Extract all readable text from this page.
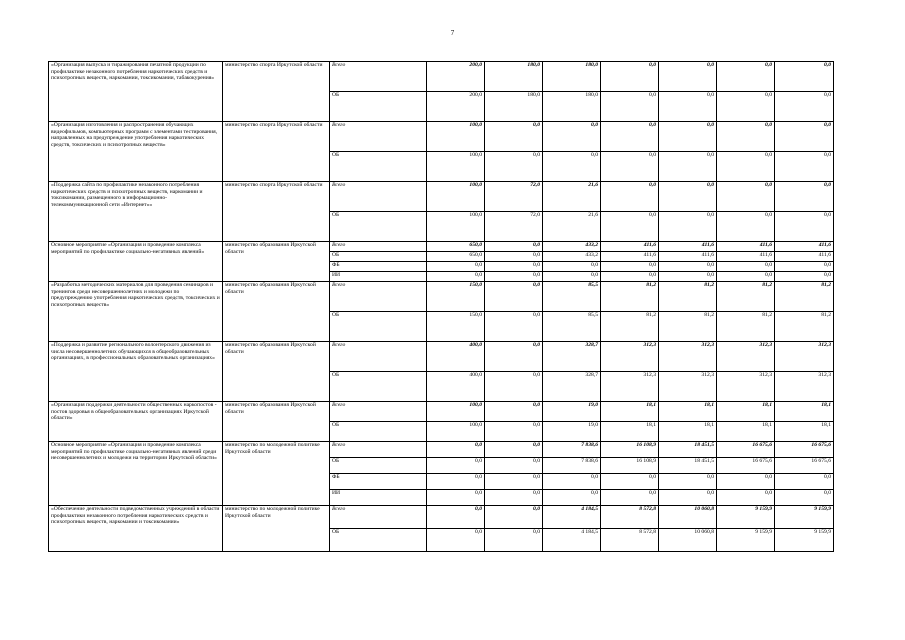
7
«Организация выпуска и тиражирования печатной продукции по профилактике незаконного потребления наркотических средств и психотропных веществ, наркомании, токсикомании, табакокурения»	министерство спорта Иркутской области	Всего	200,0	180,0	180,0	0,0	0,0	0,0	0,0
		ОБ	200,0	180,0	180,0	0,0	0,0	0,0	0,0
«Организация изготовления и распространения обучающих видеофильмов, компьютерных программ с элементами тестирования, направленных на предупреждение употребления наркотических средств, токсических и психотропных веществ»	министерство спорта Иркутской области	Всего	100,0	0,0	0,0	0,0	0,0	0,0	0,0
		ОБ	100,0	0,0	0,0	0,0	0,0	0,0	0,0
«Поддержка сайта по профилактике незаконного потребления наркотических средств и психотропных веществ, наркомании и токсикомании, размещенного в информационно-телекоммуникационной сети «Интернет»»	министерство спорта Иркутской области	Всего	100,0	72,0	21,6	0,0	0,0	0,0	0,0
		ОБ	100,0	72,0	21,6	0,0	0,0	0,0	0,0
Основное мероприятие «Организация и проведение комплекса мероприятий по профилактике социально-негативных явлений»	министерство образования Иркутской области	Всего	650,0	0,0	433,2	411,6	411,6	411,6	411,6
		ОБ	650,0	0,0	433,2	411,6	411,6	411,6	411,6
		ФБ	0,0	0,0	0,0	0,0	0,0	0,0	0,0
		ИИ	0,0	0,0	0,0	0,0	0,0	0,0	0,0
«Разработка методических материалов для проведения семинаров и тренингов среди несовершеннолетних и молодежи по предупреждению употребления наркотических средств, токсических и психотропных веществ»	министерство образования Иркутской области	Всего	150,0	0,0	85,5	81,2	81,2	81,2	81,2
		ОБ	150,0	0,0	85,5	81,2	81,2	81,2	81,2
«Поддержка и развитие регионального волонтерского движения из числа несовершеннолетних обучающихся в общеобразовательных организациях, в профессиональных образовательных организациях»	министерство образования Иркутской области	Всего	400,0	0,0	328,7	312,3	312,3	312,3	312,3
		ОБ	400,0	0,0	328,7	312,3	312,3	312,3	312,3
«Организация поддержки деятельности общественных наркопостов - постов здоровья в общеобразовательных организациях Иркутской области»	министерство образования Иркутской области	Всего	100,0	0,0	19,0	18,1	18,1	18,1	18,1
		ОБ	100,0	0,0	19,0	18,1	18,1	18,1	18,1
Основное мероприятие «Организация и проведение комплекса мероприятий по профилактике социально-негативных явлений среди несовершеннолетних и молодежи на территории Иркутской области»	министерство по молодежной политике Иркутской области	Всего	0,0	0,0	7 838,6	16 108,9	18 451,5	16 675,6	16 675,6
		ОБ	0,0	0,0	7 838,6	16 108,9	18 451,5	16 675,6	16 675,6
		ФБ	0,0	0,0	0,0	0,0	0,0	0,0	0,0
		ИИ	0,0	0,0	0,0	0,0	0,0	0,0	0,0
«Обеспечение деятельности подведомственных учреждений в области профилактики незаконного потребления наркотических средств и психотропных веществ, наркомании и токсикомании»	министерство по молодежной политике Иркутской области	Всего	0,0	0,0	4 184,5	8 572,8	10 060,8	9 159,9	9 159,9
		ОБ	0,0	0,0	4 184,5	8 572,8	10 060,8	9 159,9	9 159,9
